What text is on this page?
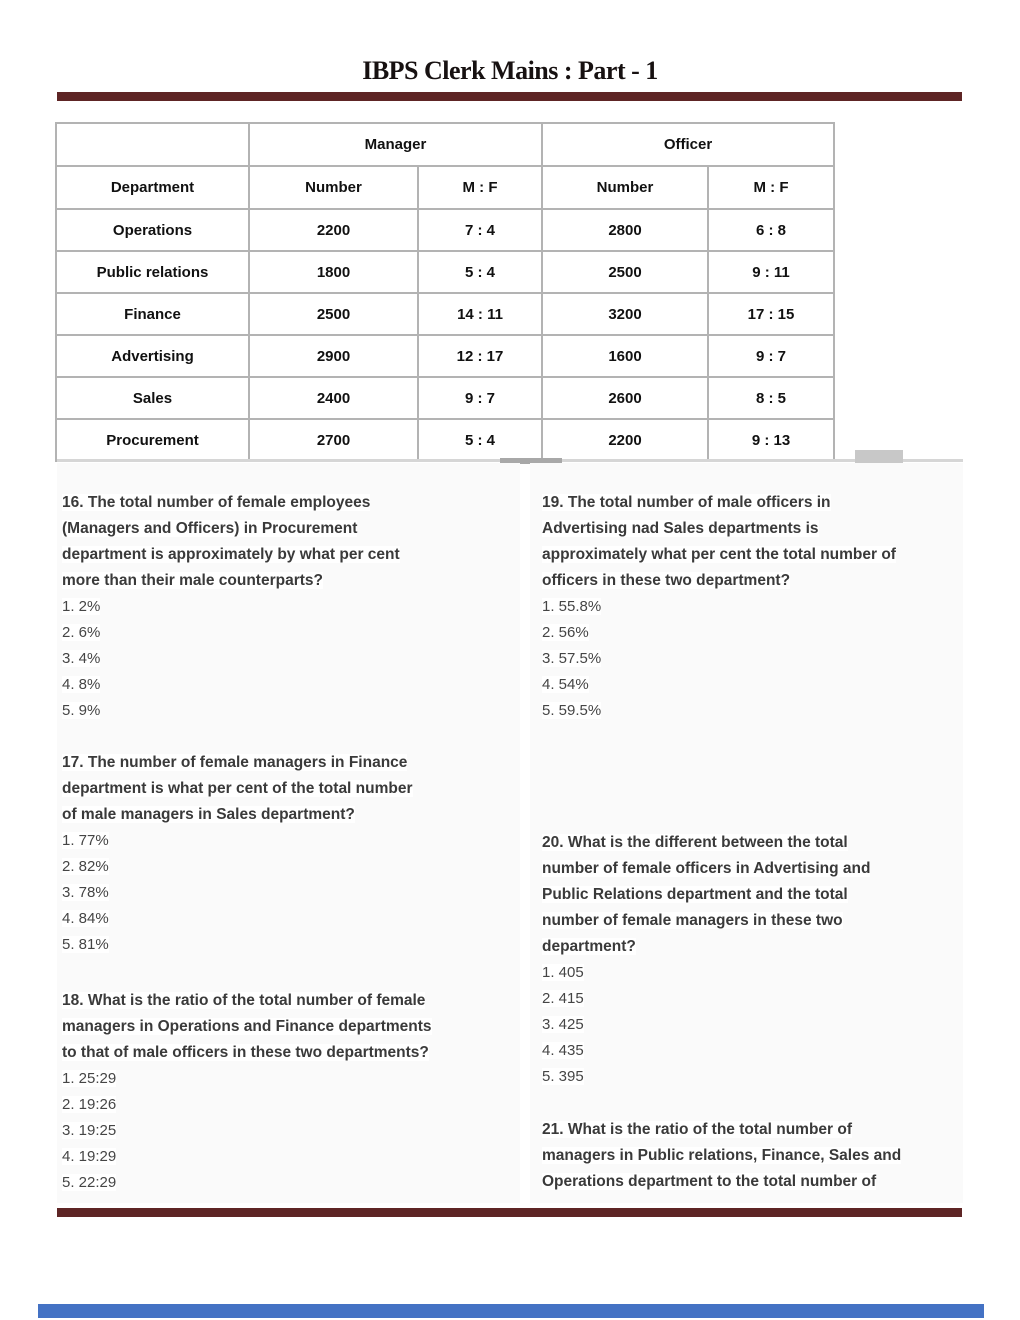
IBPS Clerk Mains : Part - 1
	Manager		Officer	
Department	Number	M : F	Number	M : F
Operations	2200	7 : 4	2800	6 : 8
Public relations	1800	5 : 4	2500	9 : 11
Finance	2500	14 : 11	3200	17 : 15
Advertising	2900	12 : 17	1600	9 : 7
Sales	2400	9 : 7	2600	8 : 5
Procurement	2700	5 : 4	2200	9 : 13

16. The total number of female employees

(Managers and Officers) in Procurement

department is approximately by what per cent

more than their male counterparts?

1. 2%

2. 6%

3. 4%

4. 8%

5. 9%

17. The number of female managers in Finance

department is what per cent of the total number

of male managers in Sales department?

1. 77%

2. 82%

3. 78%

4. 84%

5. 81%

18. What is the ratio of the total number of female

managers in Operations and Finance departments

to that of male officers in these two departments?

1. 25:29

2. 19:26

3. 19:25

4. 19:29

5. 22:29

19. The total number of male officers in

Advertising nad Sales departments is

approximately what per cent the total number of

officers in these two department?

1. 55.8%

2. 56%

3. 57.5%

4. 54%

5. 59.5%

20. What is the different between the total

number of female officers in Advertising and

Public Relations department and the total

number of female managers in these two

department?

1. 405

2. 415

3. 425

4. 435

5. 395

21. What is the ratio of the total number of

managers in Public relations, Finance, Sales and

Operations department to the total number of
